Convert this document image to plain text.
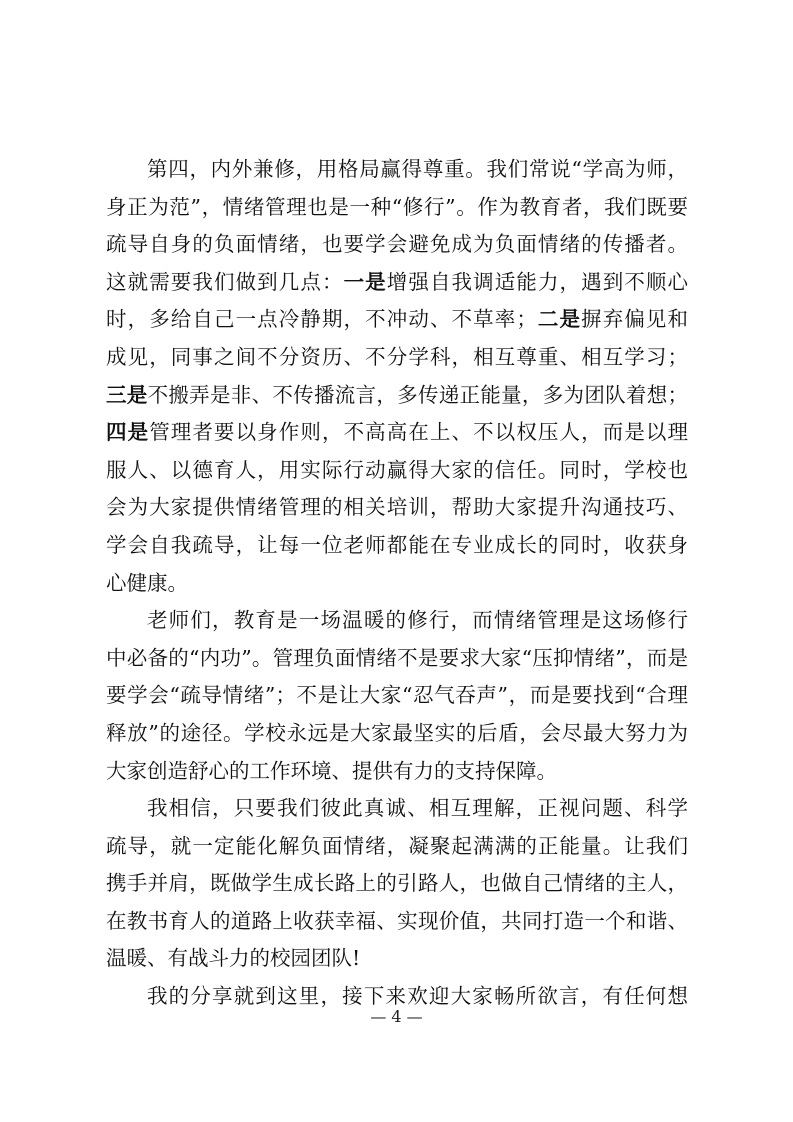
第四，内外兼修，用格局赢得尊重。我们常说“学高为师，
身正为范”，情绪管理也是一种“修行”。作为教育者，我们既要
疏导自身的负面情绪，也要学会避免成为负面情绪的传播者。
这就需要我们做到几点：一是增强自我调适能力，遇到不顺心
时，多给自己一点冷静期，不冲动、不草率；二是摒弃偏见和
成见，同事之间不分资历、不分学科，相互尊重、相互学习；
三是不搬弄是非、不传播流言，多传递正能量，多为团队着想；
四是管理者要以身作则，不高高在上、不以权压人，而是以理
服人、以德育人，用实际行动赢得大家的信任。同时，学校也
会为大家提供情绪管理的相关培训，帮助大家提升沟通技巧、
学会自我疏导，让每一位老师都能在专业成长的同时，收获身
心健康。
老师们，教育是一场温暖的修行，而情绪管理是这场修行
中必备的“内功”。管理负面情绪不是要求大家“压抑情绪”，而是
要学会“疏导情绪”；不是让大家“忍气吞声”，而是要找到“合理
释放”的途径。学校永远是大家最坚实的后盾，会尽最大努力为
大家创造舒心的工作环境、提供有力的支持保障。
我相信，只要我们彼此真诚、相互理解，正视问题、科学
疏导，就一定能化解负面情绪，凝聚起满满的正能量。让我们
携手并肩，既做学生成长路上的引路人，也做自己情绪的主人，
在教书育人的道路上收获幸福、实现价值，共同打造一个和谐、
温暖、有战斗力的校园团队!
我的分享就到这里，接下来欢迎大家畅所欲言，有任何想
— 4 —
